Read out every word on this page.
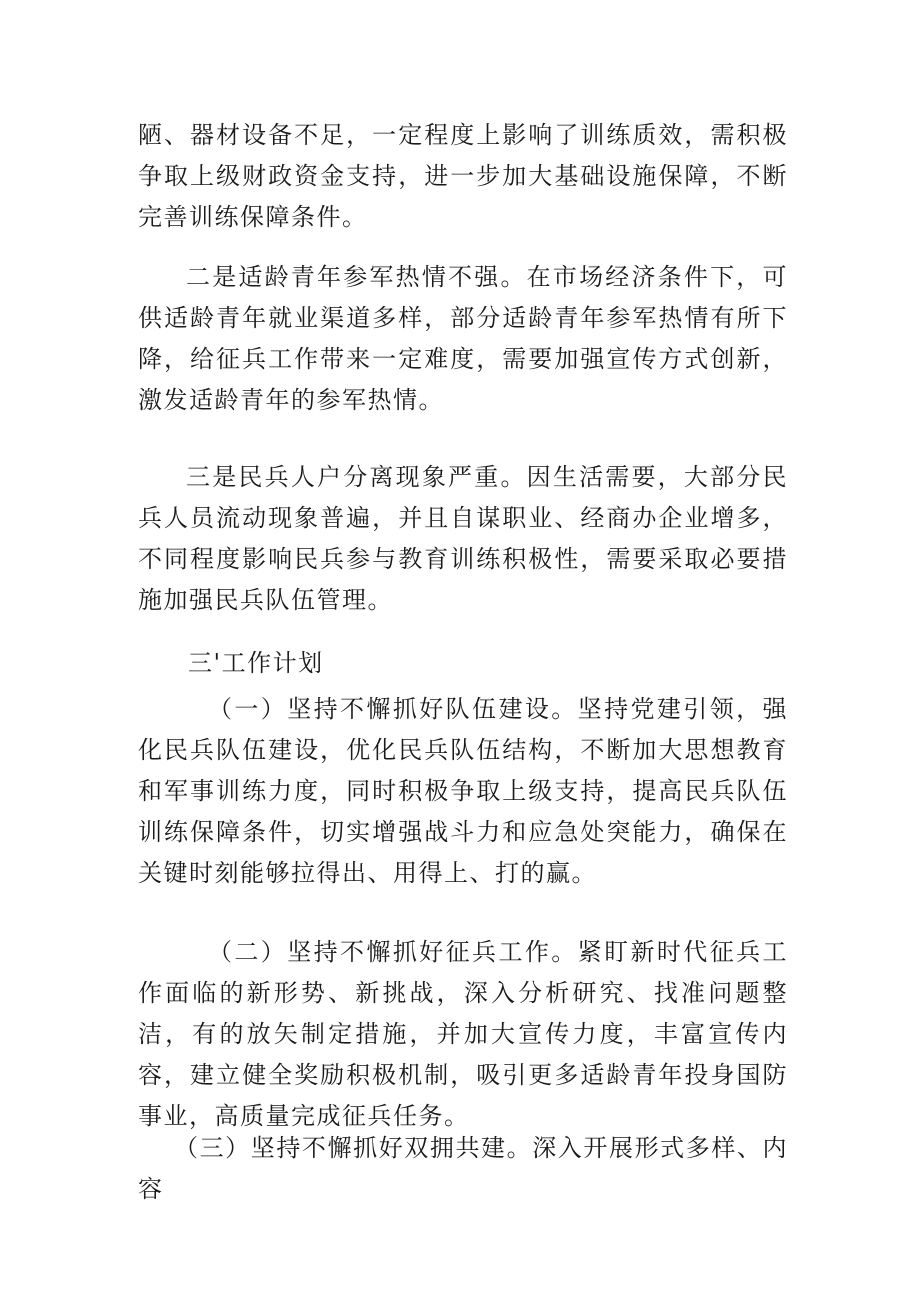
陋、器材设备不足，一定程度上影响了训练质效，需积极争取上级财政资金支持，进一步加大基础设施保障，不断完善训练保障条件。

二是适龄青年参军热情不强。在市场经济条件下，可供适龄青年就业渠道多样，部分适龄青年参军热情有所下降，给征兵工作带来一定难度，需要加强宣传方式创新，激发适龄青年的参军热情。

三是民兵人户分离现象严重。因生活需要，大部分民兵人员流动现象普遍，并且自谋职业、经商办企业增多，不同程度影响民兵参与教育训练积极性，需要采取必要措施加强民兵队伍管理。

三'工作计划

（一）坚持不懈抓好队伍建设。坚持党建引领，强化民兵队伍建设，优化民兵队伍结构，不断加大思想教育和军事训练力度，同时积极争取上级支持，提高民兵队伍训练保障条件，切实增强战斗力和应急处突能力，确保在关键时刻能够拉得出、用得上、打的赢。

（二）坚持不懈抓好征兵工作。紧盯新时代征兵工作面临的新形势、新挑战，深入分析研究、找准问题整洁，有的放矢制定措施，并加大宣传力度，丰富宣传内容，建立健全奖励积极机制，吸引更多适龄青年投身国防事业，高质量完成征兵任务。

（三）坚持不懈抓好双拥共建。深入开展形式多样、内容
